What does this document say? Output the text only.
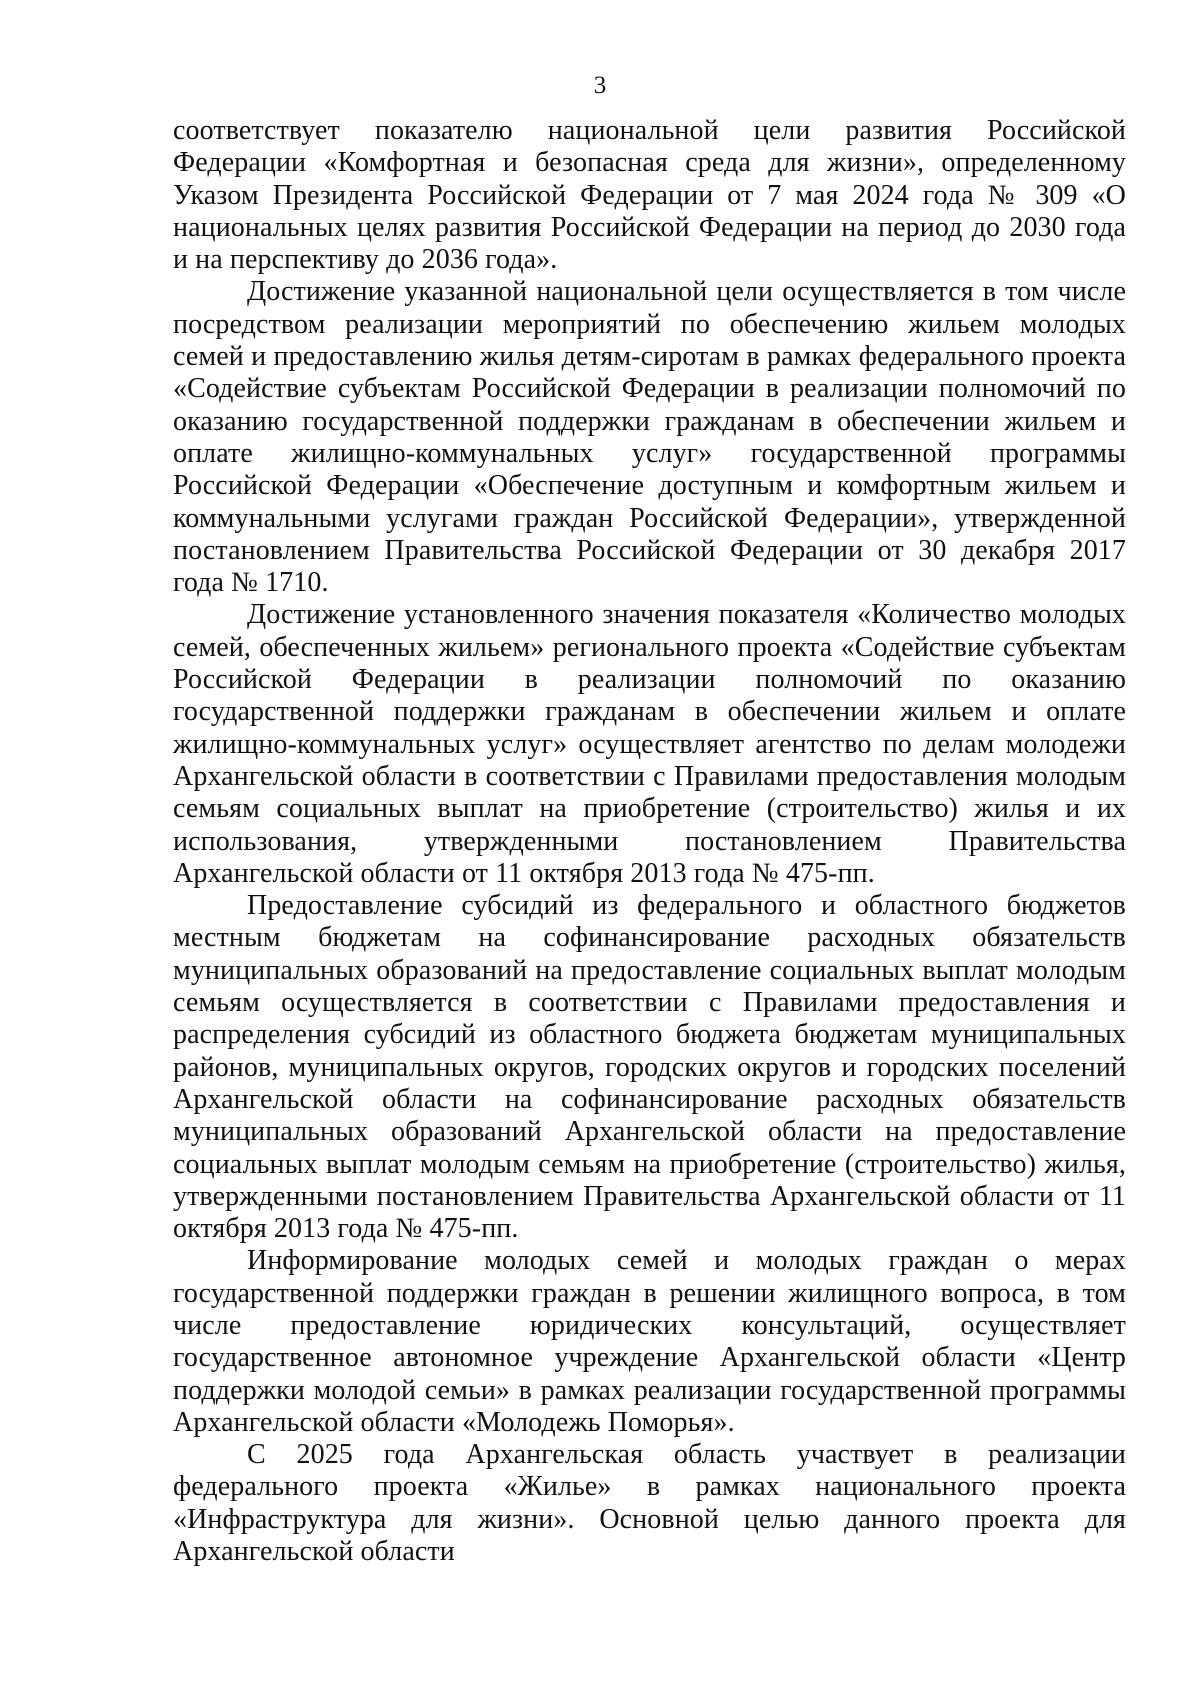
3

соответствует показателю национальной цели развития Российской Федерации «Комфортная и безопасная среда для жизни», определенному Указом Президента Российской Федерации от 7 мая 2024 года № 309 «О национальных целях развития Российской Федерации на период до 2030 года и на перспективу до 2036 года».

Достижение указанной национальной цели осуществляется в том числе посредством реализации мероприятий по обеспечению жильем молодых семей и предоставлению жилья детям-сиротам в рамках федерального проекта «Содействие субъектам Российской Федерации в реализации полномочий по оказанию государственной поддержки гражданам в обеспечении жильем и оплате жилищно-коммунальных услуг» государственной программы Российской Федерации «Обеспечение доступным и комфортным жильем и коммунальными услугами граждан Российской Федерации», утвержденной постановлением Правительства Российской Федерации от 30 декабря 2017 года № 1710.

Достижение установленного значения показателя «Количество молодых семей, обеспеченных жильем» регионального проекта «Содействие субъектам Российской Федерации в реализации полномочий по оказанию государственной поддержки гражданам в обеспечении жильем и оплате жилищно-коммунальных услуг» осуществляет агентство по делам молодежи Архангельской области в соответствии с Правилами предоставления молодым семьям социальных выплат на приобретение (строительство) жилья и их использования, утвержденными постановлением Правительства Архангельской области от 11 октября 2013 года № 475-пп.

Предоставление субсидий из федерального и областного бюджетов местным бюджетам на софинансирование расходных обязательств муниципальных образований на предоставление социальных выплат молодым семьям осуществляется в соответствии с Правилами предоставления и распределения субсидий из областного бюджета бюджетам муниципальных районов, муниципальных округов, городских округов и городских поселений Архангельской области на софинансирование расходных обязательств муниципальных образований Архангельской области на предоставление социальных выплат молодым семьям на приобретение (строительство) жилья, утвержденными постановлением Правительства Архангельской области от 11 октября 2013 года № 475-пп.

Информирование молодых семей и молодых граждан о мерах государственной поддержки граждан в решении жилищного вопроса, в том числе предоставление юридических консультаций, осуществляет государственное автономное учреждение Архангельской области «Центр поддержки молодой семьи» в рамках реализации государственной программы Архангельской области «Молодежь Поморья».

С 2025 года Архангельская область участвует в реализации федерального проекта «Жилье» в рамках национального проекта «Инфраструктура для жизни». Основной целью данного проекта для Архангельской области
